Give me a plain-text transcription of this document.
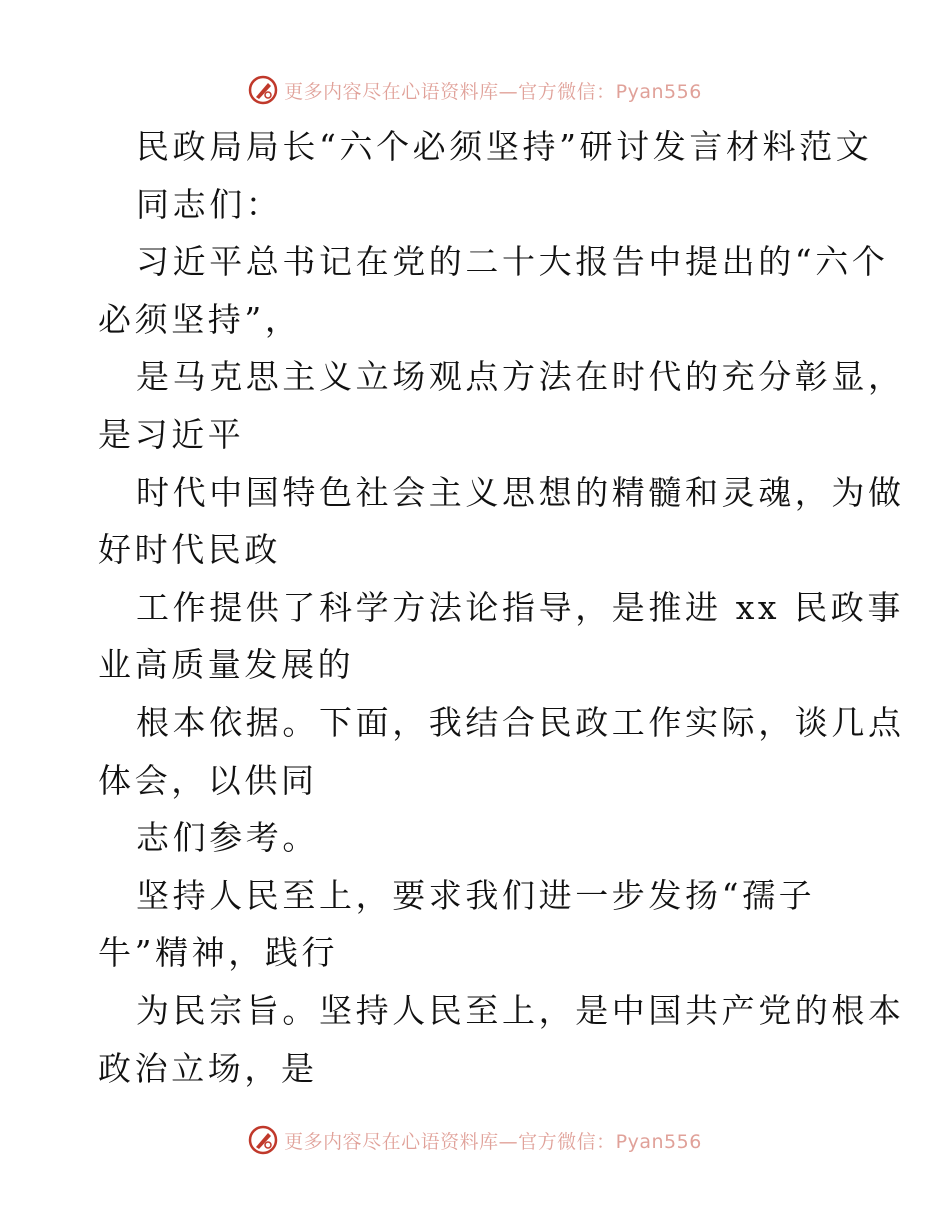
更多内容尽在心语资料库—官方微信：Pyan556
民政局局长“六个必须坚持”研讨发言材料范文
同志们：
习近平总书记在党的二十大报告中提出的“六个
必须坚持”，
是马克思主义立场观点方法在时代的充分彰显，
是习近平
时代中国特色社会主义思想的精髓和灵魂，为做
好时代民政
工作提供了科学方法论指导，是推进 xx 民政事
业高质量发展的
根本依据。下面，我结合民政工作实际，谈几点
体会，以供同
志们参考。
坚持人民至上，要求我们进一步发扬“孺子
牛”精神，践行
为民宗旨。坚持人民至上，是中国共产党的根本
政治立场，是
更多内容尽在心语资料库—官方微信：Pyan556
